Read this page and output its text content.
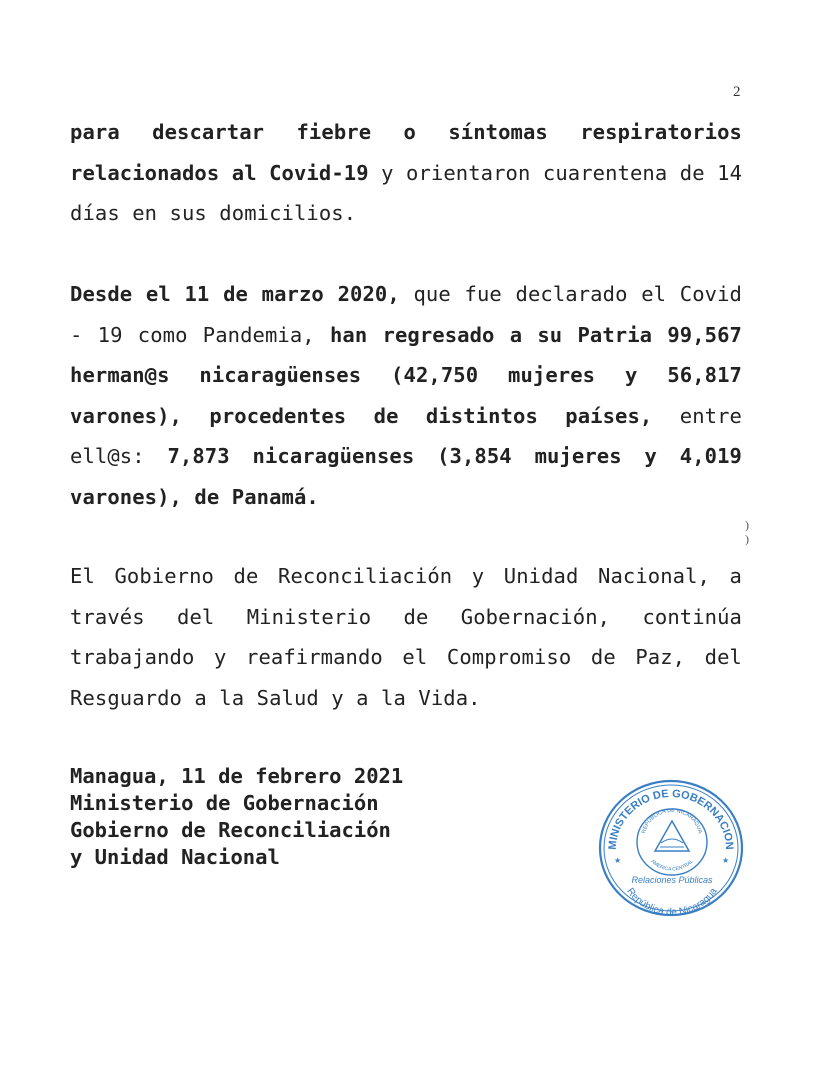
2

para descartar fiebre o síntomas respiratorios relacionados al Covid-19 y orientaron cuarentena de 14 días en sus domicilios.

Desde el 11 de marzo 2020, que fue declarado el Covid - 19 como Pandemia, han regresado a su Patria 99,567 herman@s nicaragüenses (42,750 mujeres y 56,817 varones), procedentes de distintos países, entre ell@s: 7,873 nicaragüenses (3,854 mujeres y 4,019 varones), de Panamá.

)
)

El Gobierno de Reconciliación y Unidad Nacional, a través del Ministerio de Gobernación, continúa trabajando y reafirmando el Compromiso de Paz, del Resguardo a la Salud y a la Vida.

Managua, 11 de febrero 2021
Ministerio de Gobernación
Gobierno de Reconciliación
y Unidad Nacional	MINISTERIO DE GOBERNACION
REPUBLICA DE NICARAGUA
AMERICA CENTRAL
Relaciones Públicas
República de Nicaragua
★	★
